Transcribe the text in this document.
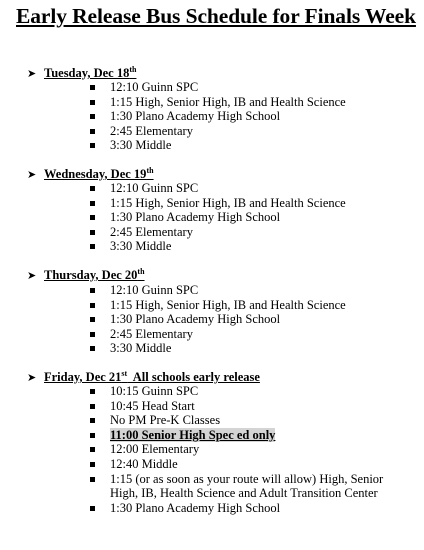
Early Release Bus Schedule for Finals Week
➤ Tuesday, Dec 18th
12:10 Guinn SPC
1:15 High, Senior High, IB and Health Science
1:30 Plano Academy High School
2:45 Elementary
3:30 Middle
➤ Wednesday, Dec 19th
12:10 Guinn SPC
1:15 High, Senior High, IB and Health Science
1:30 Plano Academy High School
2:45 Elementary
3:30 Middle
➤ Thursday, Dec 20th
12:10 Guinn SPC
1:15 High, Senior High, IB and Health Science
1:30 Plano Academy High School
2:45 Elementary
3:30 Middle
➤ Friday, Dec 21st  All schools early release
10:15 Guinn SPC
10:45 Head Start
No PM Pre-K Classes
11:00 Senior High Spec ed only
12:00 Elementary
12:40 Middle
1:15 (or as soon as your route will allow) High, Senior
High, IB, Health Science and Adult Transition Center
1:30 Plano Academy High School
